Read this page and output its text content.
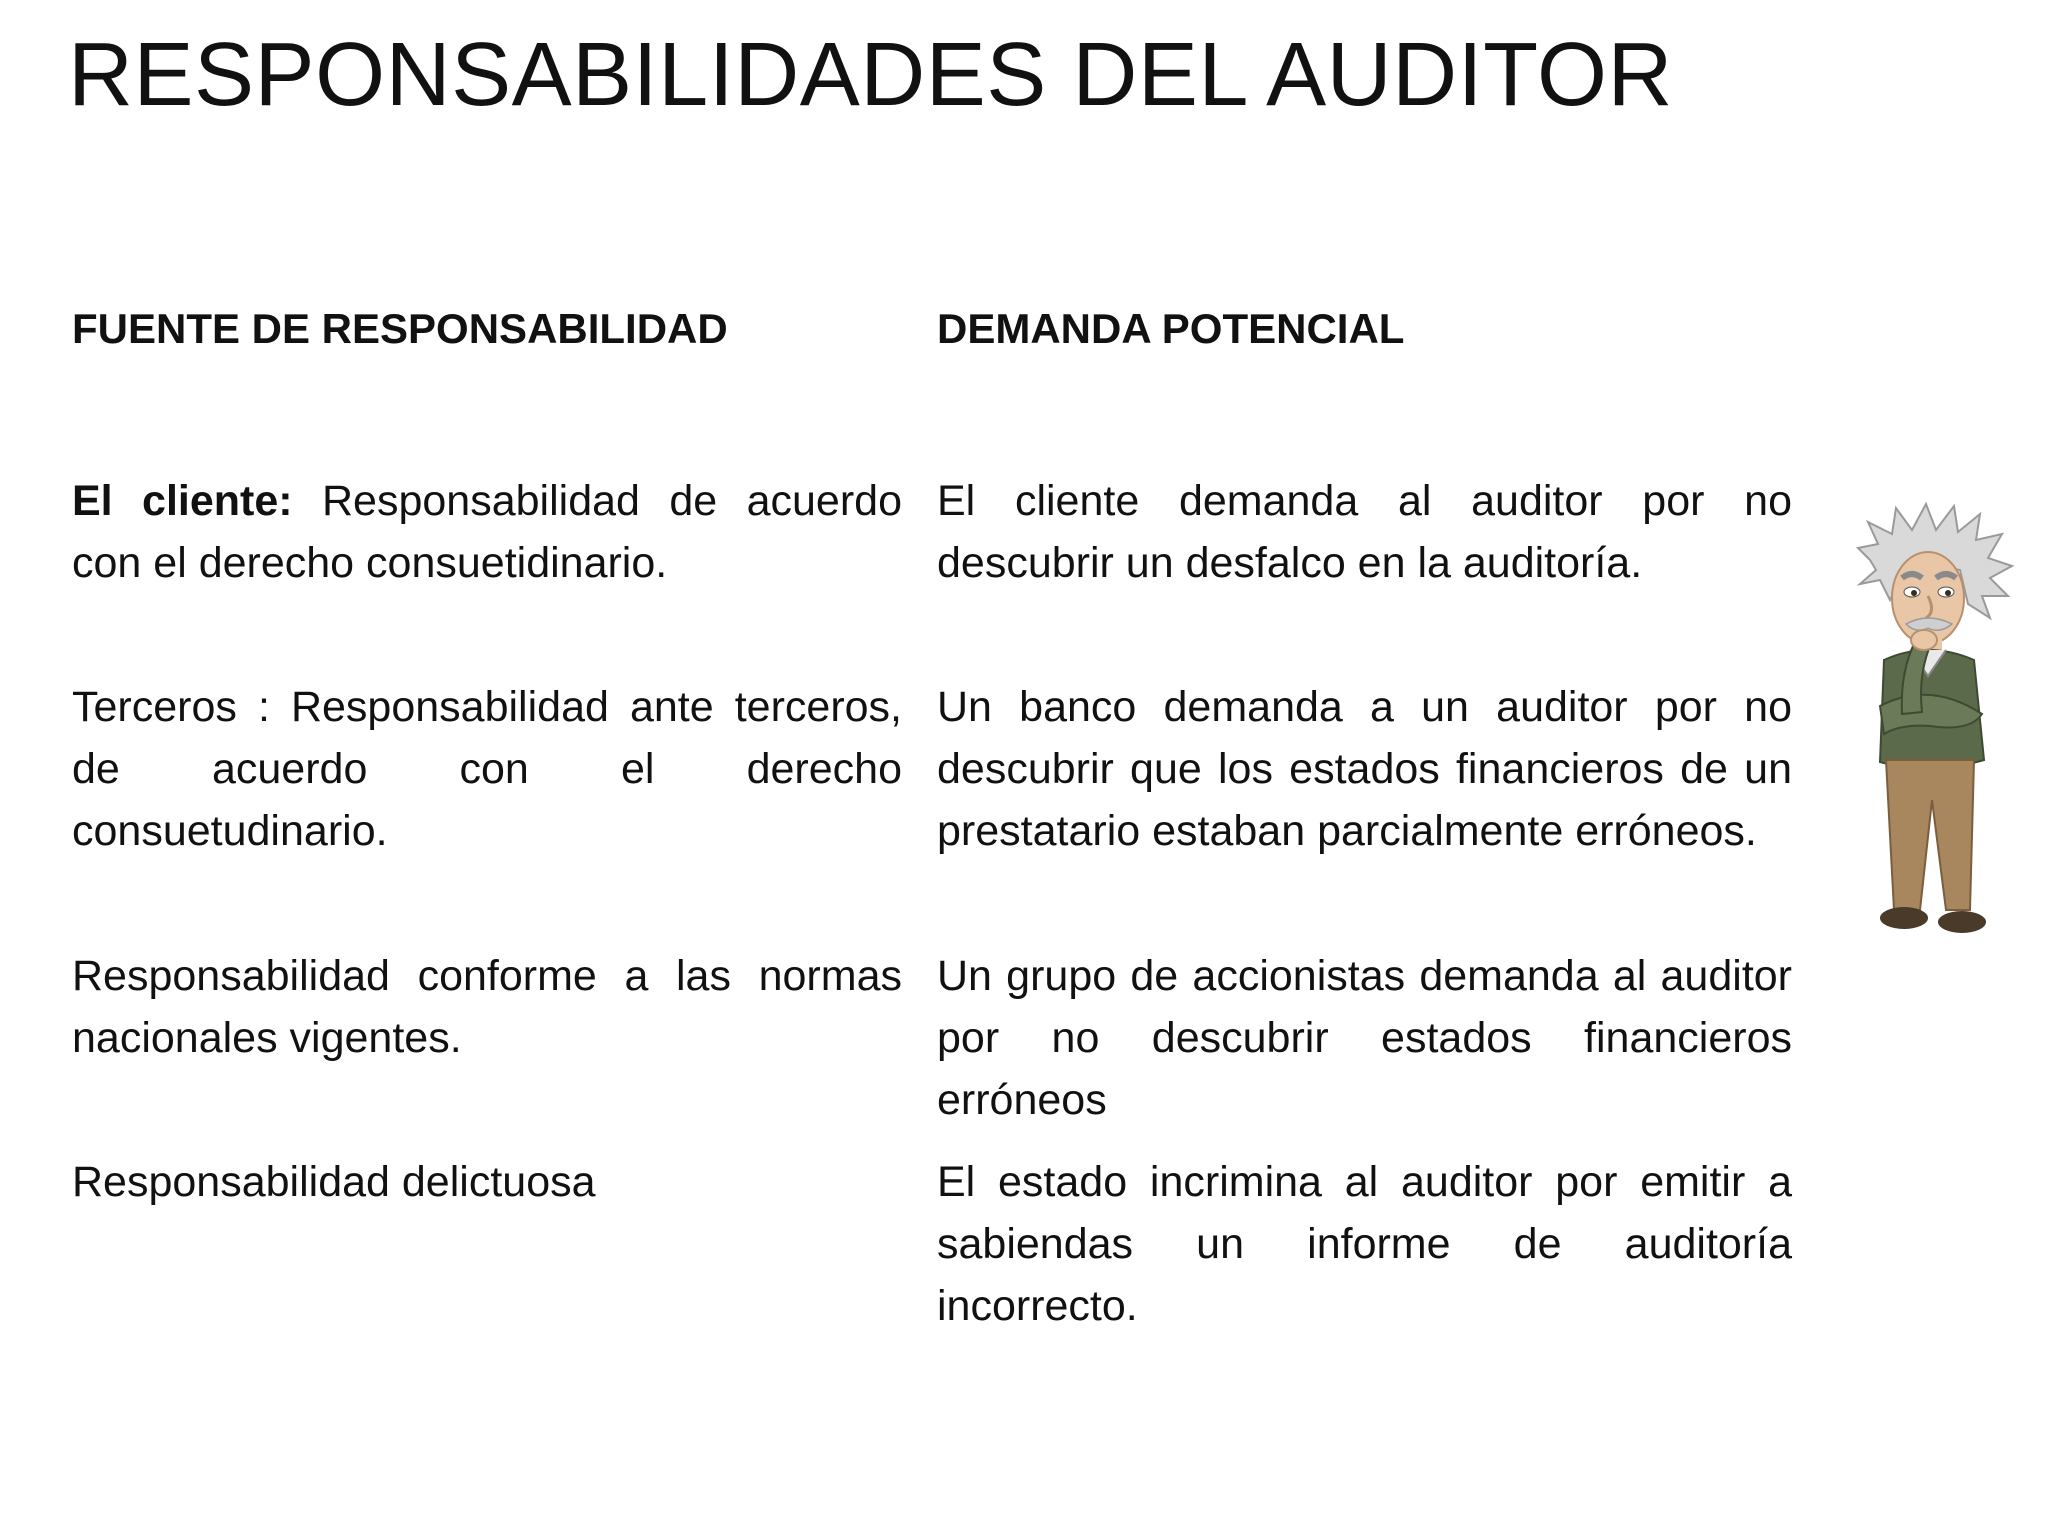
RESPONSABILIDADES DEL AUDITOR
FUENTE DE RESPONSABILIDAD	DEMANDA POTENCIAL
El cliente: Responsabilidad de acuerdo con el derecho consuetidinario.
El cliente demanda al auditor por no descubrir un desfalco en la auditoría.
Terceros : Responsabilidad ante terceros, de acuerdo con el derecho consuetudinario.
Un banco demanda a un auditor por no descubrir que los estados financieros de un prestatario estaban parcialmente erróneos.
Responsabilidad conforme a las normas nacionales vigentes.
Un grupo de accionistas demanda al auditor por no descubrir estados financieros erróneos
Responsabilidad delictuosa	El estado incrimina al auditor por emitir a sabiendas un informe de auditoría incorrecto.
